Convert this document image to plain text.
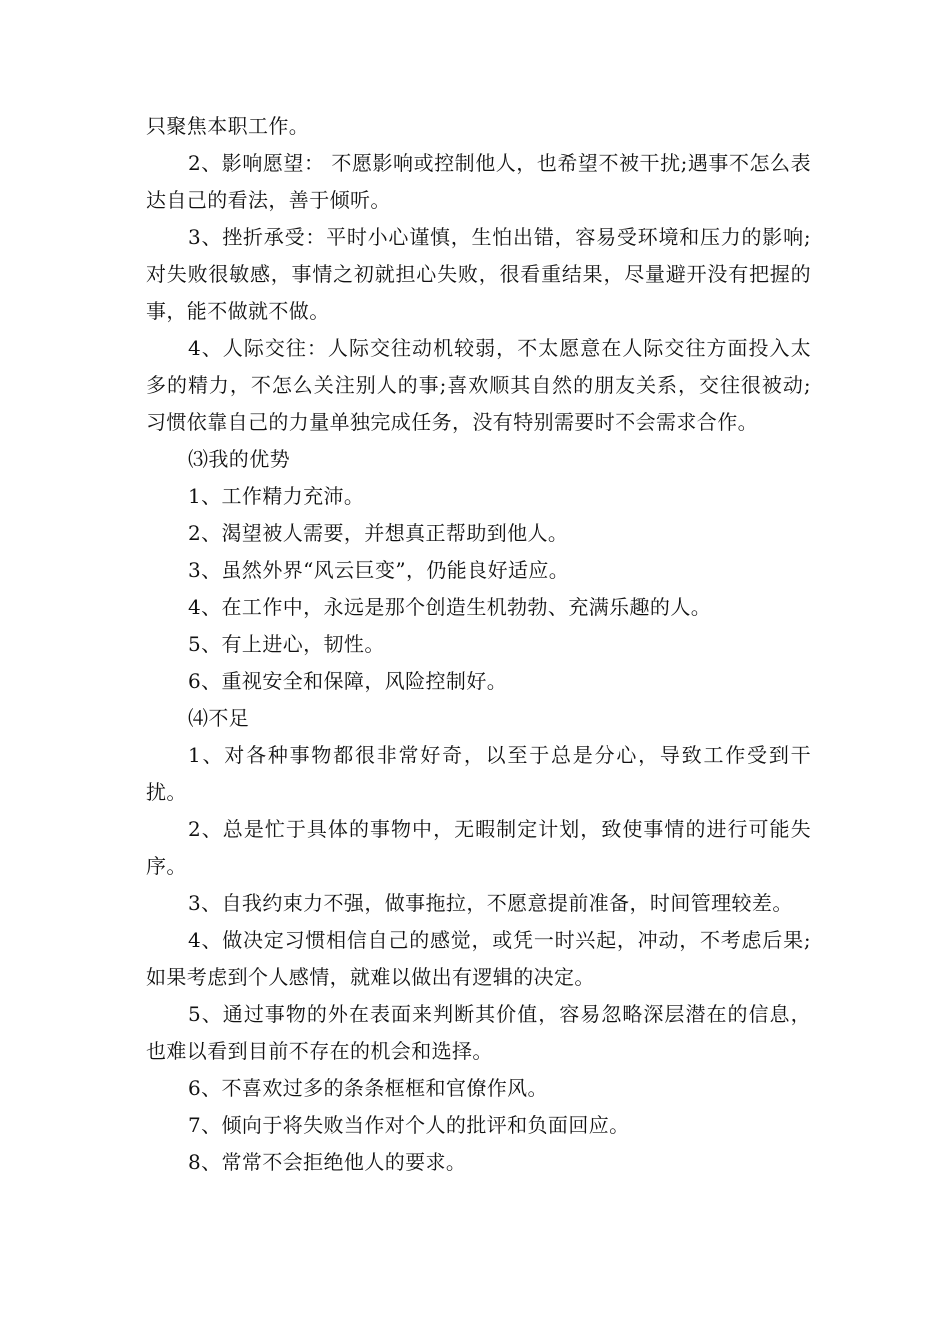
只聚焦本职工作。

2、影响愿望： 不愿影响或控制他人，也希望不被干扰;遇事不怎么表达自己的看法，善于倾听。

3、挫折承受：平时小心谨慎，生怕出错，容易受环境和压力的影响;对失败很敏感，事情之初就担心失败，很看重结果，尽量避开没有把握的事，能不做就不做。

4、人际交往：人际交往动机较弱，不太愿意在人际交往方面投入太多的精力，不怎么关注别人的事;喜欢顺其自然的朋友关系，交往很被动;习惯依靠自己的力量单独完成任务，没有特别需要时不会需求合作。

⑶我的优势

1、工作精力充沛。

2、渴望被人需要，并想真正帮助到他人。

3、虽然外界“风云巨变”，仍能良好适应。

4、在工作中，永远是那个创造生机勃勃、充满乐趣的人。

5、有上进心，韧性。

6、重视安全和保障，风险控制好。

⑷不足

1、对各种事物都很非常好奇，以至于总是分心，导致工作受到干扰。

2、总是忙于具体的事物中，无暇制定计划，致使事情的进行可能失序。

3、自我约束力不强，做事拖拉，不愿意提前准备，时间管理较差。

4、做决定习惯相信自己的感觉，或凭一时兴起，冲动，不考虑后果;如果考虑到个人感情，就难以做出有逻辑的决定。

5、通过事物的外在表面来判断其价值，容易忽略深层潜在的信息，也难以看到目前不存在的机会和选择。

6、不喜欢过多的条条框框和官僚作风。

7、倾向于将失败当作对个人的批评和负面回应。

8、常常不会拒绝他人的要求。
